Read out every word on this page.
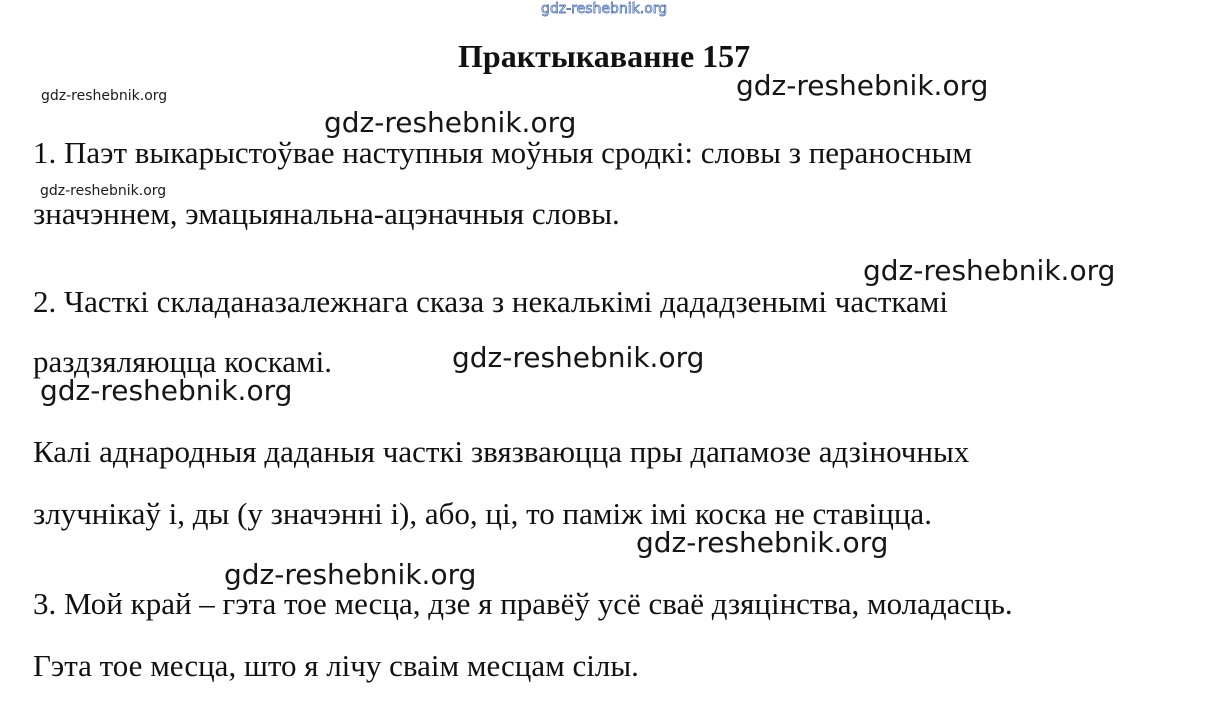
Практыкаванне 157
1. Паэт выкарыстоўвае наступныя моўныя сродкі: словы з пераносным
значэннем, эмацыянальна-ацэначныя словы.
2. Часткі складаназалежнага сказа з некалькімі дададзенымі часткамі
раздзяляюцца коскамі.
Калі аднародныя даданыя часткі звязваюцца пры дапамозе адзіночных
злучнікаў і, ды (у значэнні і), або, ці, то паміж імі коска не ставіцца.
3. Мой край – гэта тое месца, дзе я правёў усё сваё дзяцінства, моладасць.
Гэта тое месца, што я лічу сваім месцам сілы.
gdz-reshebnik.org
gdz-reshebnik.org
gdz-reshebnik.org
gdz-reshebnik.org
gdz-reshebnik.org
gdz-reshebnik.org
gdz-reshebnik.org
gdz-reshebnik.org
gdz-reshebnik.org
gdz-reshebnik.org
